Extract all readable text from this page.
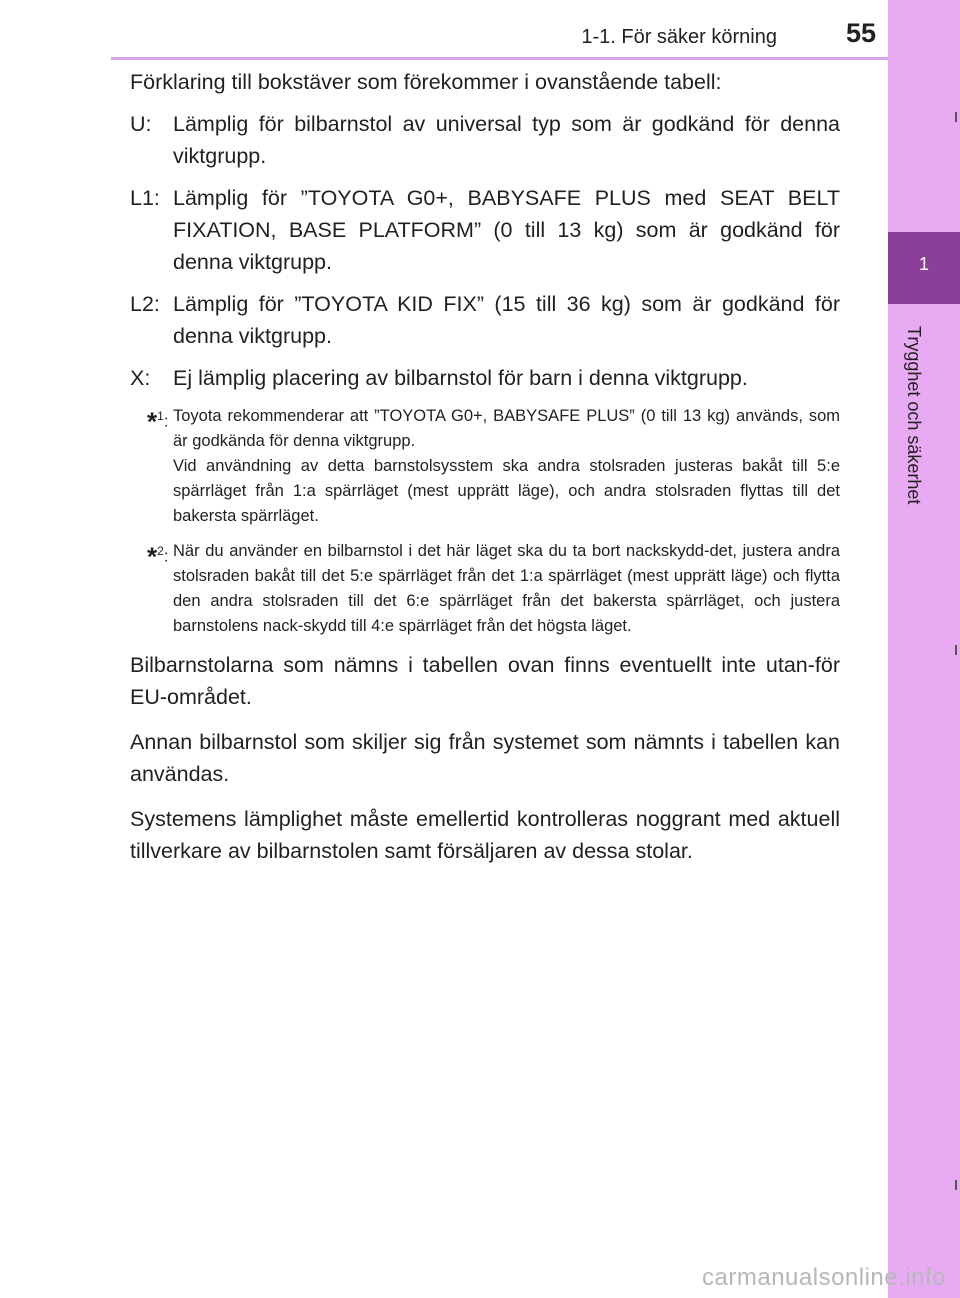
1-1. För säker körning	55
1
Trygghet och säkerhet

Förklaring till bokstäver som förekommer i ovanstående tabell:

U:	Lämplig för bilbarnstol av universal typ som är godkänd för denna viktgrupp.
L1: Lämplig för ”TOYOTA G0+, BABYSAFE PLUS med SEAT BELT FIXATION, BASE PLATFORM” (0 till 13 kg) som är godkänd för denna viktgrupp.
L2: Lämplig för ”TOYOTA KID FIX” (15 till 36 kg) som är godkänd för denna viktgrupp.
X:	Ej lämplig placering av bilbarnstol för barn i denna viktgrupp.
*$^1$: Toyota rekommenderar att ”TOYOTA G0+, BABYSAFE PLUS” (0 till 13 kg) används, som är godkända för denna viktgrupp.

Vid användning av detta barnstolsysstem ska andra stolsraden justeras bakåt till 5:e spärrläget från 1:a spärrläget (mest upprätt läge), och andra stolsraden flyttas till det bakersta spärrläget.

*$^2$: När du använder en bilbarnstol i det här läget ska du ta bort nackskydd-det, justera andra stolsraden bakåt till det 5:e spärrläget från det 1:a spärrläget (mest upprätt läge) och flytta den andra stolsraden till det 6:e spärrläget från det bakersta spärrläget, och justera barnstolens nack-skydd till 4:e spärrläget från det högsta läget.

Bilbarnstolarna som nämns i tabellen ovan finns eventuellt inte utan-för EU-området.

Annan bilbarnstol som skiljer sig från systemet som nämnts i tabellen kan användas.

Systemens lämplighet måste emellertid kontrolleras noggrant med aktuell tillverkare av bilbarnstolen samt försäljaren av dessa stolar.

carmanualsonline.info
